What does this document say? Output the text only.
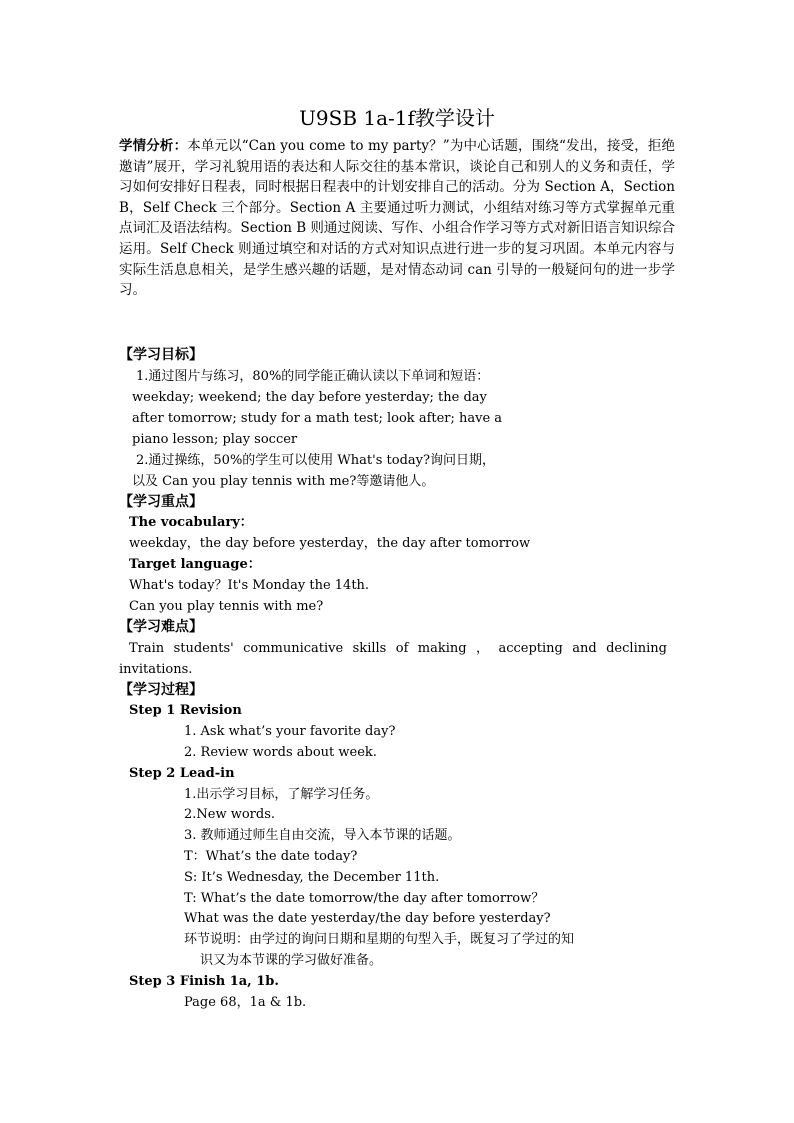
U9SB 1a-1f教学设计
学情分析：本单元以“Can you come to my party？”为中心话题，围绕“发出，接受，拒绝邀请”展开，学习礼貌用语的表达和人际交往的基本常识，谈论自己和别人的义务和责任，学习如何安排好日程表，同时根据日程表中的计划安排自己的活动。分为 Section A，Section B，Self Check 三个部分。Section A 主要通过听力测试，小组结对练习等方式掌握单元重点词汇及语法结构。Section B 则通过阅读、写作、小组合作学习等方式对新旧语言知识综合运用。Self Check 则通过填空和对话的方式对知识点进行进一步的复习巩固。本单元内容与实际生活息息相关，是学生感兴趣的话题，是对情态动词 can 引导的一般疑问句的进一步学习。
【学习目标】
1.通过图片与练习，80%的同学能正确认读以下单词和短语：
weekday; weekend; the day before yesterday; the day
after tomorrow; study for a math test; look after; have a
piano lesson; play soccer
2.通过操练，50%的学生可以使用 What's today?询问日期，
以及 Can you play tennis with me?等邀请他人。
【学习重点】
The vocabulary：
weekday，the day before yesterday，the day after tomorrow
Target language：
What's today？It's Monday the 14th.
Can you play tennis with me?
【学习难点】
Train students' communicative skills of making ， accepting and declining
invitations.
【学习过程】
Step 1 Revision
1. Ask what’s your favorite day?
2. Review words about week.
Step 2 Lead-in
1.出示学习目标，了解学习任务。
2.New words.
3. 教师通过师生自由交流，导入本节课的话题。
T：What’s the date today?
S: It’s Wednesday, the December 11th.
T: What’s the date tomorrow/the day after tomorrow？
What was the date yesterday/the day before yesterday?
环节说明：由学过的询问日期和星期的句型入手，既复习了学过的知
识又为本节课的学习做好准备。
Step 3 Finish 1a, 1b.
Page 68，1a & 1b.
